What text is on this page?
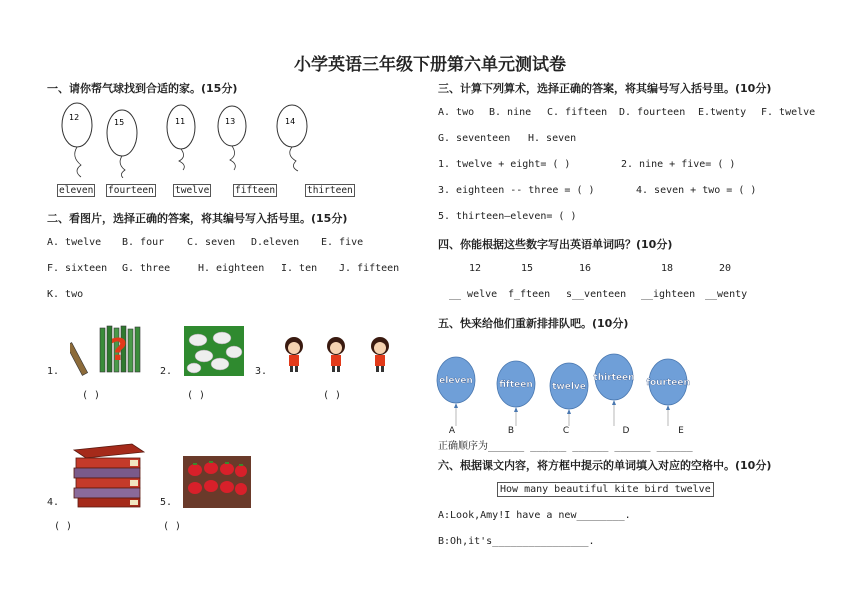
小学英语三年级下册第六单元测试卷
一、请你帮气球找到合适的家。(15分)
12
15	11	13	14
eleven fourteen twelve	fifteen	thirteen
二、看图片，选择正确的答案，将其编号写入括号里。(15分)
A. twelve B. four C. seven D.eleven E. five
F. sixteen G. three	H. eighteen I. ten J. fifteen
K. two
1.
?
( )
2.
( )
3.
( )
4.
( )
5.
( )
三、计算下列算术，选择正确的答案，将其编号写入括号里。(10分)
A. two B. nine C. fifteen D. fourteen E.twenty F. twelve
G. seventeen H. seven
1. twelve + eight= ( )	2. nine + five= ( )
3. eighteen -- three = ( )	4. seven + two = ( )
5. thirteen—eleven= ( )
四、你能根据这些数字写出英语单词吗？(10分)
12	15	16	18	20
__ welve f_fteen s__venteen __ighteen __wenty
五、快来给他们重新排排队吧。(10分)
eleven	fifteen twelve
thirteen fourteen
A	B	C	D	E
正确顺序为______ ______ ______ ______ ______
六、根据课文内容，将方框中提示的单词填入对应的空格中。(10分)
How many beautiful kite bird twelve
A:Look,Amy!I have a new________.
B:Oh,it's________________.
